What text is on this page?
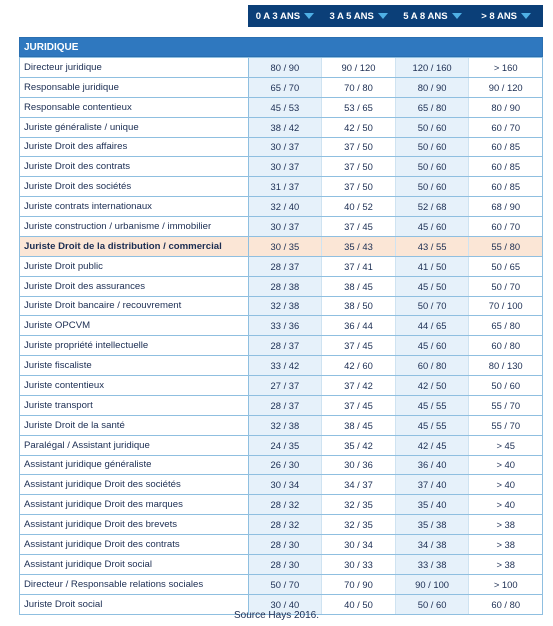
0 A 3 ANS	3 A 5 ANS	5 A 8 ANS	> 8 ANS
JURIDIQUE
Directeur juridique	80 / 90	90 / 120	120 / 160	> 160
Responsable juridique	65 / 70	70 / 80	80 / 90	90 / 120
Responsable contentieux	45 / 53	53 / 65	65 / 80	80 / 90
Juriste généraliste / unique	38 / 42	42 / 50	50 / 60	60 / 70
Juriste Droit des affaires	30 / 37	37 / 50	50 / 60	60 / 85
Juriste Droit des contrats	30 / 37	37 / 50	50 / 60	60 / 85
Juriste Droit des sociétés	31 / 37	37 / 50	50 / 60	60 / 85
Juriste contrats internationaux	32 / 40	40 / 52	52 / 68	68 / 90
Juriste construction / urbanisme / immobilier	30 / 37	37 / 45	45 / 60	60 / 70
Juriste Droit de la distribution / commercial	30 / 35	35 / 43	43 / 55	55 / 80
Juriste Droit public	28 / 37	37 / 41	41 / 50	50 / 65
Juriste Droit des assurances	28 / 38	38 / 45	45 / 50	50 / 70
Juriste Droit bancaire / recouvrement	32 / 38	38 / 50	50 / 70	70 / 100
Juriste OPCVM	33 / 36	36 / 44	44 / 65	65 / 80
Juriste propriété intellectuelle	28 / 37	37 / 45	45 / 60	60 / 80
Juriste fiscaliste	33 / 42	42 / 60	60 / 80	80 / 130
Juriste contentieux	27 / 37	37 / 42	42 / 50	50 / 60
Juriste transport	28 / 37	37 / 45	45 / 55	55 / 70
Juriste Droit de la santé	32 / 38	38 / 45	45 / 55	55 / 70
Paralégal / Assistant juridique	24 / 35	35 / 42	42 / 45	> 45
Assistant juridique généraliste	26 / 30	30 / 36	36 / 40	> 40
Assistant juridique Droit des sociétés	30 / 34	34 / 37	37 / 40	> 40
Assistant juridique Droit des marques	28 / 32	32 / 35	35 / 40	> 40
Assistant juridique Droit des brevets	28 / 32	32 / 35	35 / 38	> 38
Assistant juridique Droit des contrats	28 / 30	30 / 34	34 / 38	> 38
Assistant juridique Droit social	28 / 30	30 / 33	33 / 38	> 38
Directeur / Responsable relations sociales	50 / 70	70 / 90	90 / 100	> 100
Juriste Droit social	30 / 40	40 / 50	50 / 60	60 / 80
Source Hays 2016.
